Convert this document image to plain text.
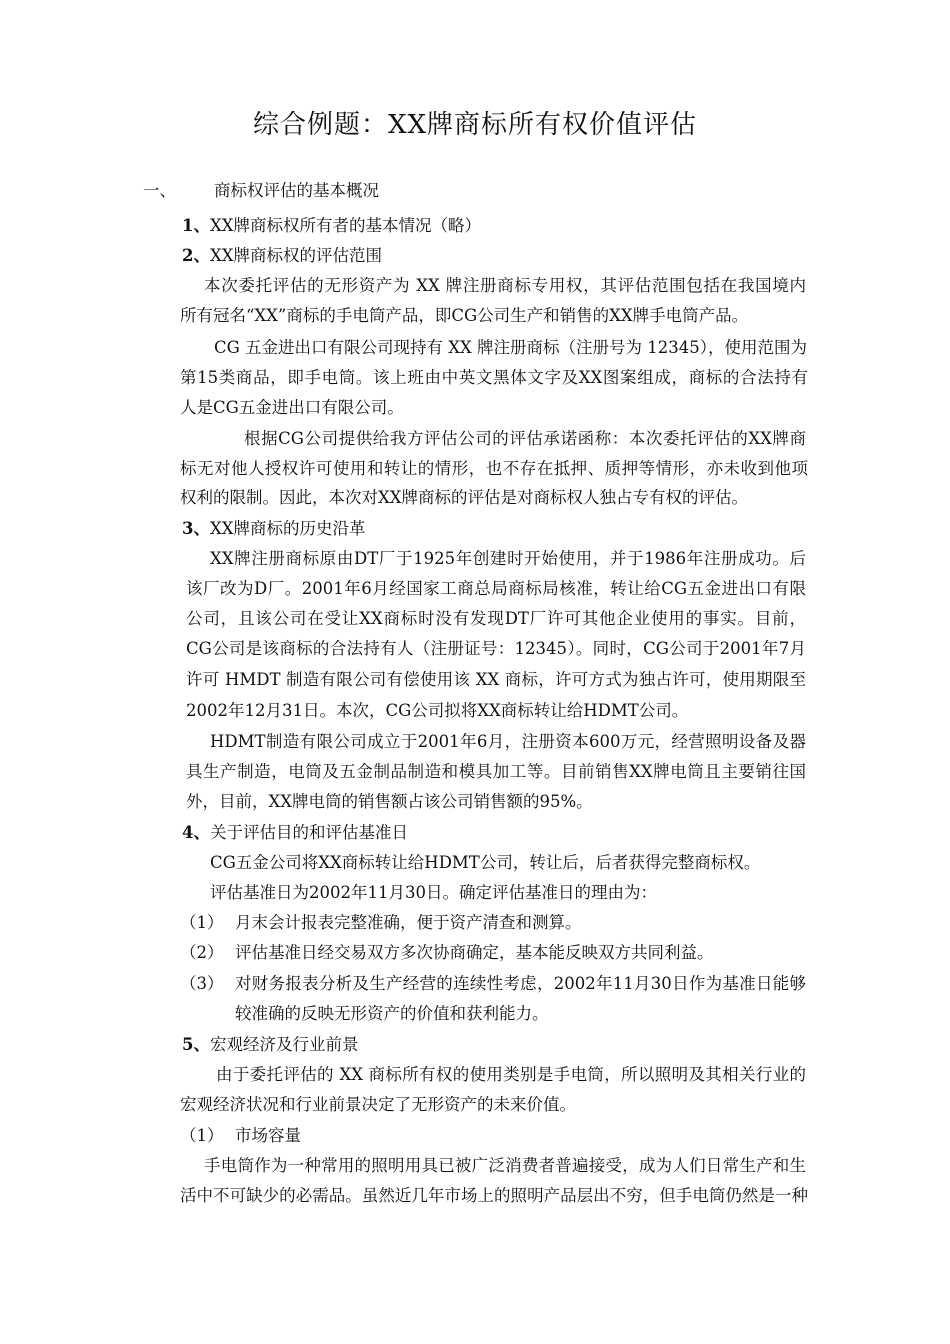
综合例题：XX牌商标所有权价值评估
一、 商标权评估的基本概况
1、 XX牌商标权所有者的基本情况（略）
2、 XX牌商标权的评估范围
本次委托评估的无形资产为 XX 牌注册商标专用权，其评估范围包括在我国境内
所有冠名“XX”商标的手电筒产品，即CG公司生产和销售的XX牌手电筒产品。
CG 五金进出口有限公司现持有 XX 牌注册商标（注册号为 12345），使用范围为
第15类商品，即手电筒。该上班由中英文黑体文字及XX图案组成，商标的合法持有
人是CG五金进出口有限公司。
根据CG公司提供给我方评估公司的评估承诺函称：本次委托评估的XX牌商
标无对他人授权许可使用和转让的情形，也不存在抵押、质押等情形，亦未收到他项
权利的限制。因此，本次对XX牌商标的评估是对商标权人独占专有权的评估。
3、 XX牌商标的历史沿革
XX牌注册商标原由DT厂于1925年创建时开始使用，并于1986年注册成功。后
该厂改为D厂。2001年6月经国家工商总局商标局核准，转让给CG五金进出口有限
公司，且该公司在受让XX商标时没有发现DT厂许可其他企业使用的事实。目前，
CG公司是该商标的合法持有人（注册证号：12345）。同时，CG公司于2001年7月
许可 HMDT 制造有限公司有偿使用该 XX 商标，许可方式为独占许可，使用期限至
2002年12月31日。本次，CG公司拟将XX商标转让给HDMT公司。
HDMT制造有限公司成立于2001年6月，注册资本600万元，经营照明设备及器
具生产制造，电筒及五金制品制造和模具加工等。目前销售XX牌电筒且主要销往国
外，目前，XX牌电筒的销售额占该公司销售额的95%。
4、 关于评估目的和评估基准日
CG五金公司将XX商标转让给HDMT公司，转让后，后者获得完整商标权。
评估基准日为2002年11月30日。确定评估基准日的理由为：
（1） 月末会计报表完整准确，便于资产清查和测算。
（2） 评估基准日经交易双方多次协商确定，基本能反映双方共同利益。
（3） 对财务报表分析及生产经营的连续性考虑，2002年11月30日作为基准日能够
较准确的反映无形资产的价值和获利能力。
5、 宏观经济及行业前景
由于委托评估的 XX 商标所有权的使用类别是手电筒，所以照明及其相关行业的
宏观经济状况和行业前景决定了无形资产的未来价值。
（1） 市场容量
手电筒作为一种常用的照明用具已被广泛消费者普遍接受，成为人们日常生产和生
活中不可缺少的必需品。虽然近几年市场上的照明产品层出不穷，但手电筒仍然是一种
